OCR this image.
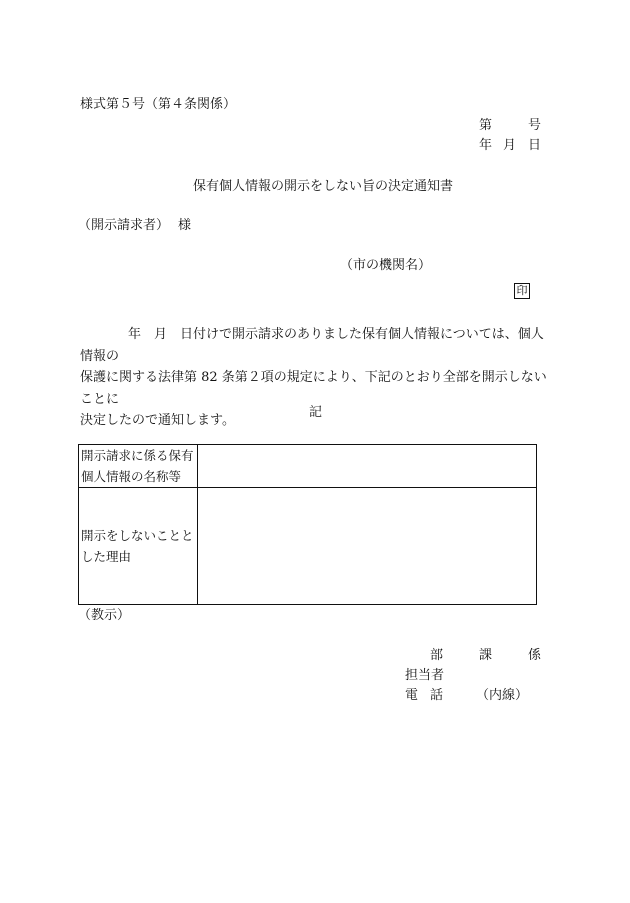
様式第５号（第４条関係）
第	号
年 月 日
保有個人情報の開示をしない旨の決定通知書
（開示請求者） 様
（市の機関名）
印
年　月　日付けで開示請求のありました保有個人情報については、個人情報の
保護に関する法律第 82 条第２項の規定により、下記のとおり全部を開示しないことに
決定したので通知します。
記
開示請求に係る保有
個人情報の名称等	

開示をしないことと
した理由	

（教示）
部	課	係
担当者
電 話	（内線）
